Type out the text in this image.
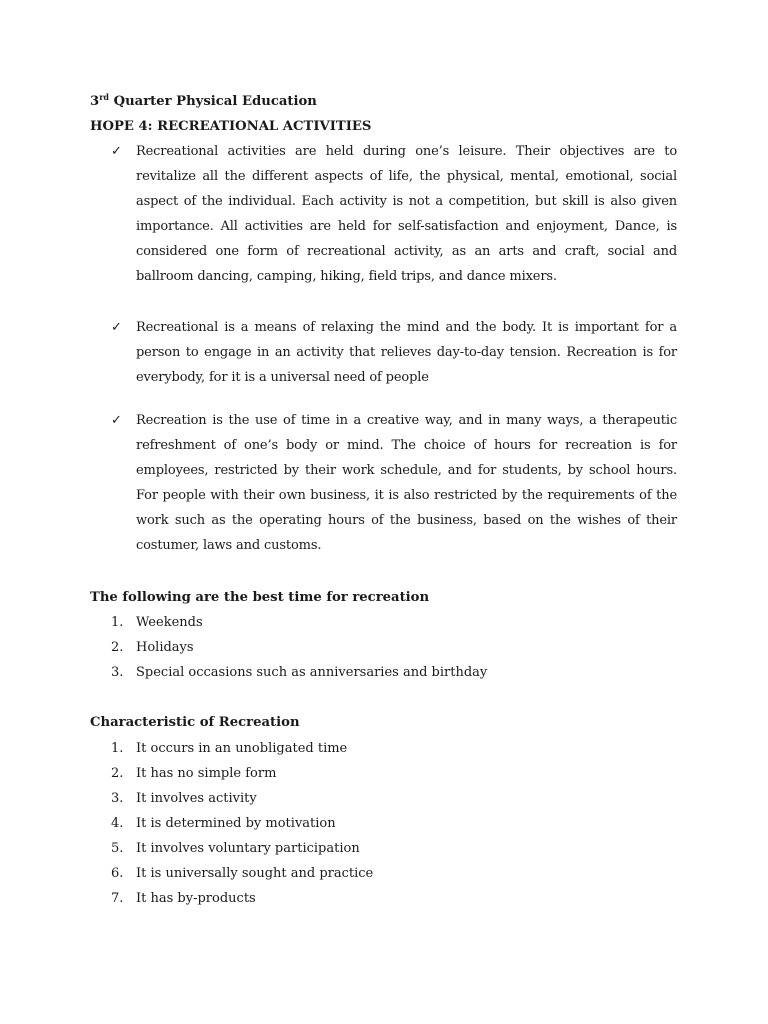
3rd Quarter Physical Education
HOPE 4: RECREATIONAL ACTIVITIES
✓ Recreational activities are held during one’s leisure. Their objectives are to revitalize all the different aspects of life, the physical, mental, emotional, social aspect of the individual. Each activity is not a competition, but skill is also given importance. All activities are held for self-satisfaction and enjoyment, Dance, is considered one form of recreational activity, as an arts and craft, social and ballroom dancing, camping, hiking, field trips, and dance mixers.
✓ Recreational is a means of relaxing the mind and the body. It is important for a person to engage in an activity that relieves day-to-day tension. Recreation is for everybody, for it is a universal need of people
✓ Recreation is the use of time in a creative way, and in many ways, a therapeutic refreshment of one’s body or mind. The choice of hours for recreation is for employees, restricted by their work schedule, and for students, by school hours. For people with their own business, it is also restricted by the requirements of the work such as the operating hours of the business, based on the wishes of their costumer, laws and customs.
The following are the best time for recreation
1. Weekends
2. Holidays
3. Special occasions such as anniversaries and birthday
Characteristic of Recreation
1. It occurs in an unobligated time
2. It has no simple form
3. It involves activity
4. It is determined by motivation
5. It involves voluntary participation
6. It is universally sought and practice
7. It has by-products
